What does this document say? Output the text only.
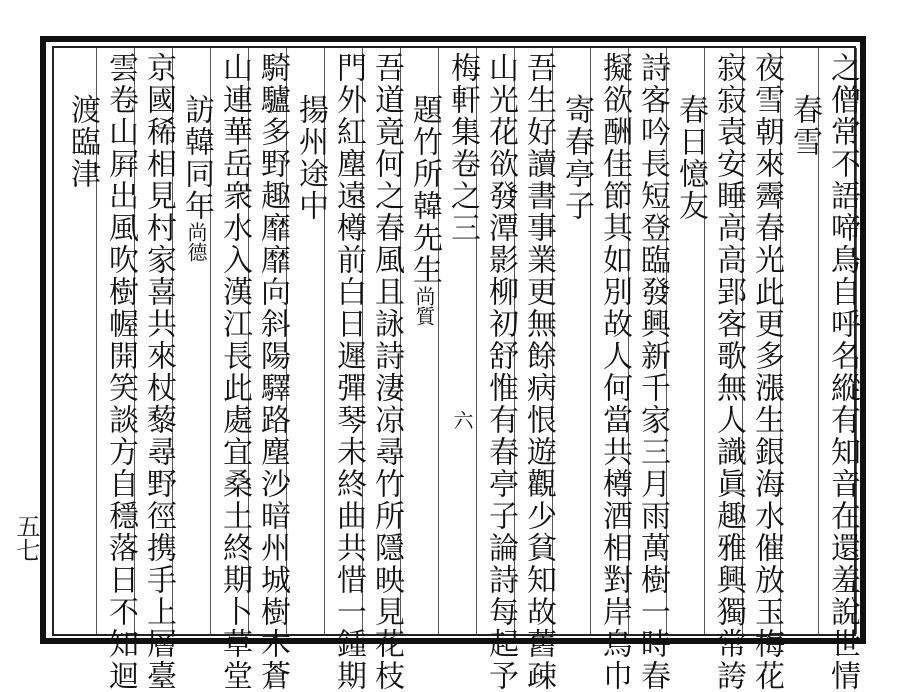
之僧常不語啼鳥自呼名縱有知音在還羞說世情
春雪
夜雪朝來霽春光此更多漲生銀海水催放玉梅花
寂寂袁安睡高高郢客歌無人識眞趣雅興獨常誇
春日憶友
詩客吟長短登臨發興新千家三月雨萬樹一時春
擬欲酬佳節其如別故人何當共樽酒相對岸烏巾
寄春亭子
吾生好讀書事業更無餘病恨遊觀少貧知故舊疎
山光花欲發潭影柳初舒惟有春亭子論詩每起予
梅軒集卷之三六
題竹所韓先生尚質
吾道竟何之春風且詠詩淒凉尋竹所隱映見花枝
門外紅塵遠樽前白日遲彈琴未終曲共惜一鍾期
揚州途中
騎驢多野趣靡靡向斜陽驛路塵沙暗州城樹木蒼
山連華岳衆水入漢江長此處宜桑土終期卜草堂
訪韓同年尚德
京國稀相見村家喜共來杖藜尋野徑携手上層臺
雲卷山屛出風吹樹幄開笑談方自穩落日不知迴
渡臨津
五七
